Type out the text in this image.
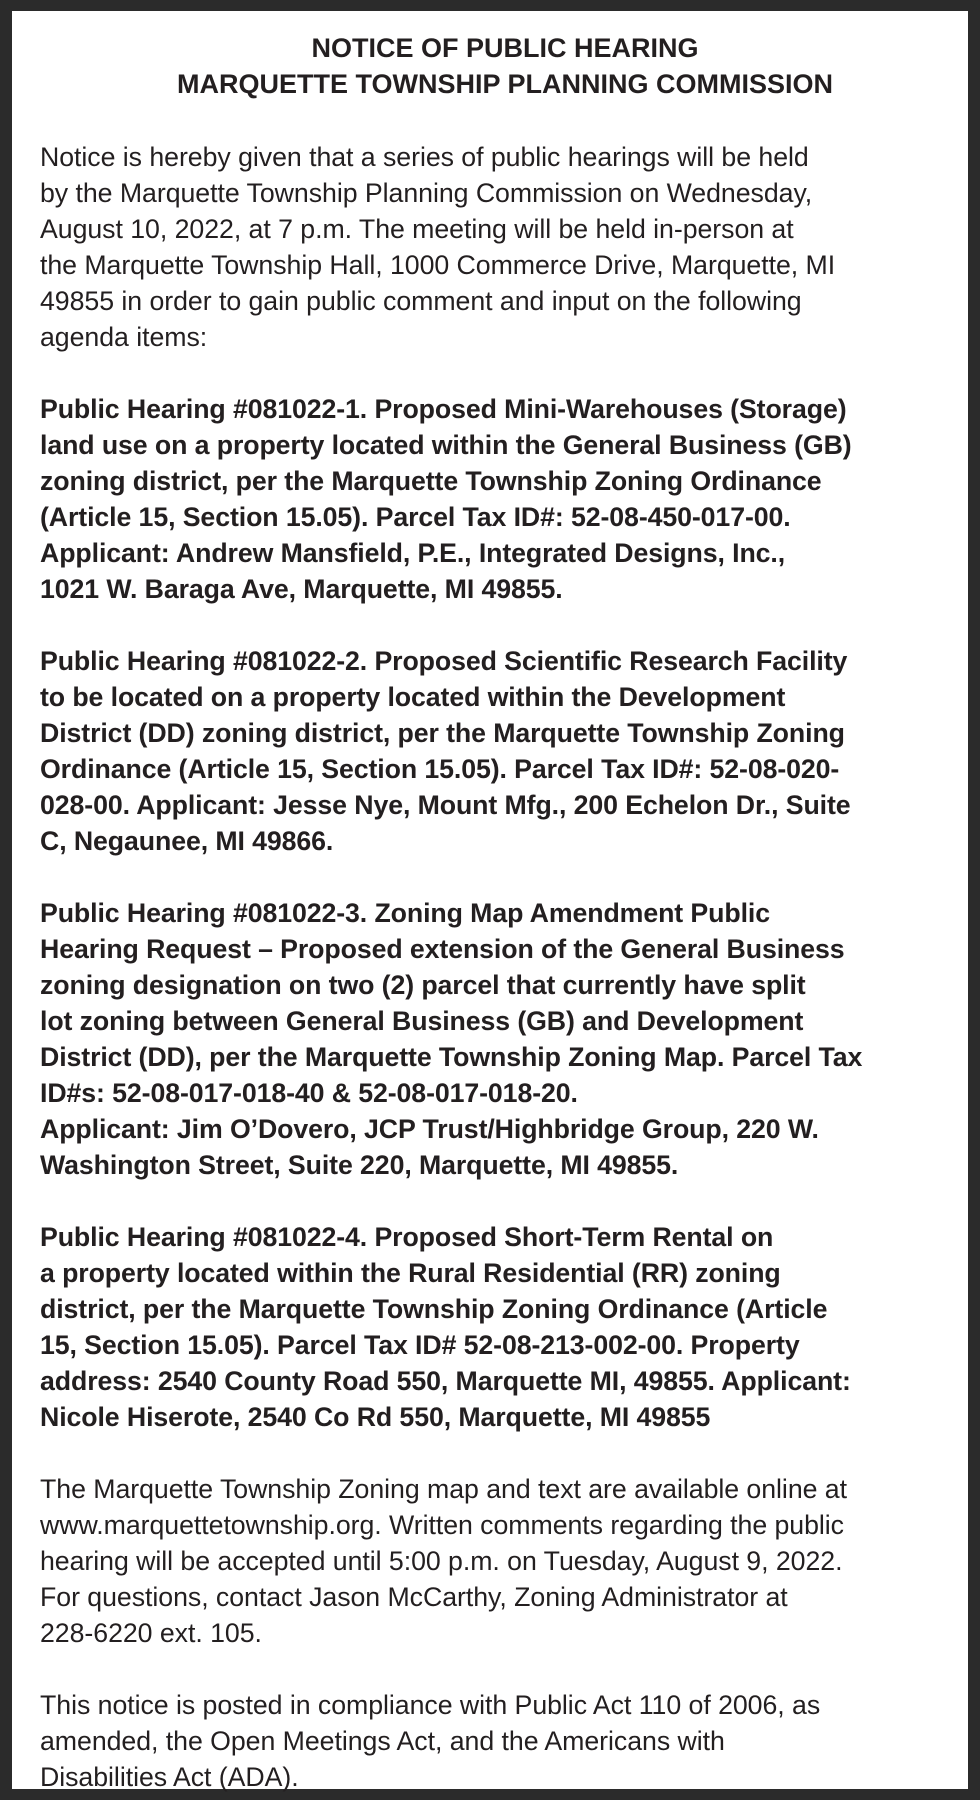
NOTICE OF PUBLIC HEARING
MARQUETTE TOWNSHIP PLANNING COMMISSION

Notice is hereby given that a series of public hearings will be held
by the Marquette Township Planning Commission on Wednesday,
August 10, 2022, at 7 p.m. The meeting will be held in-person at
the Marquette Township Hall, 1000 Commerce Drive, Marquette, MI
49855 in order to gain public comment and input on the following
agenda items:

Public Hearing #081022-1. Proposed Mini-Warehouses (Storage)
land use on a property located within the General Business (GB)
zoning district, per the Marquette Township Zoning Ordinance
(Article 15, Section 15.05). Parcel Tax ID#: 52-08-450-017-00.
Applicant: Andrew Mansfield, P.E., Integrated Designs, Inc.,
1021 W. Baraga Ave, Marquette, MI 49855.

Public Hearing #081022-2. Proposed Scientific Research Facility
to be located on a property located within the Development
District (DD) zoning district, per the Marquette Township Zoning
Ordinance (Article 15, Section 15.05). Parcel Tax ID#: 52-08-020-
028-00. Applicant: Jesse Nye, Mount Mfg., 200 Echelon Dr., Suite
C, Negaunee, MI 49866.

Public Hearing #081022-3. Zoning Map Amendment Public
Hearing Request – Proposed extension of the General Business
zoning designation on two (2) parcel that currently have split
lot zoning between General Business (GB) and Development
District (DD), per the Marquette Township Zoning Map. Parcel Tax
ID#s: 52-08-017-018-40 & 52-08-017-018-20.
Applicant: Jim O’Dovero, JCP Trust/Highbridge Group, 220 W.
Washington Street, Suite 220, Marquette, MI 49855.

Public Hearing #081022-4. Proposed Short-Term Rental on
a property located within the Rural Residential (RR) zoning
district, per the Marquette Township Zoning Ordinance (Article
15, Section 15.05). Parcel Tax ID# 52-08-213-002-00. Property
address: 2540 County Road 550, Marquette MI, 49855. Applicant:
Nicole Hiserote, 2540 Co Rd 550, Marquette, MI 49855

The Marquette Township Zoning map and text are available online at
www.marquettetownship.org. Written comments regarding the public
hearing will be accepted until 5:00 p.m. on Tuesday, August 9, 2022.
For questions, contact Jason McCarthy, Zoning Administrator at
228-6220 ext. 105.

This notice is posted in compliance with Public Act 110 of 2006, as
amended, the Open Meetings Act, and the Americans with
Disabilities Act (ADA).
